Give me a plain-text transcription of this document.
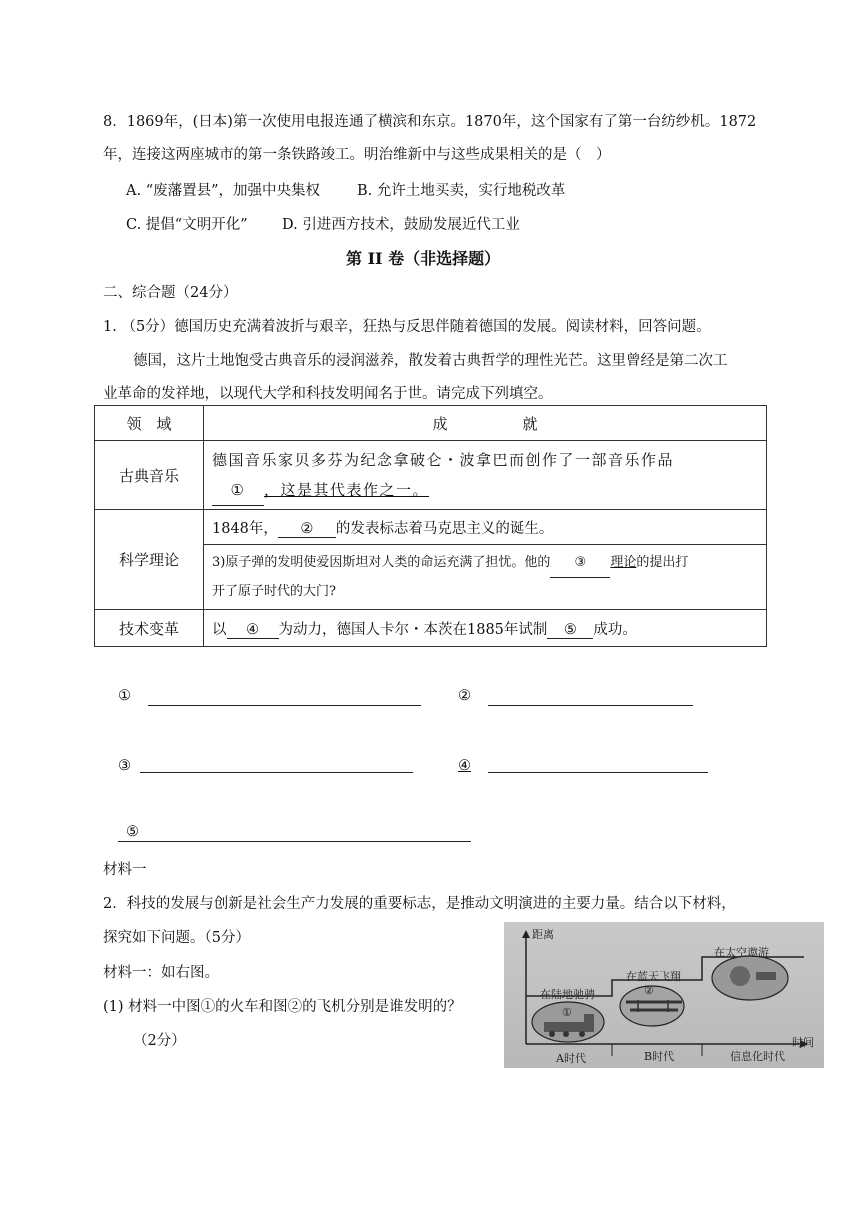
8．1869年，(日本)第一次使用电报连通了横滨和东京。1870年，这个国家有了第一台纺纱机。1872
年，连接这两座城市的第一条铁路竣工。明治维新中与这些成果相关的是（　）
A. “废藩置县”，加强中央集权	B. 允许土地买卖，实行地税改革
C. 提倡“文明开化” D. 引进西方技术，鼓励发展近代工业
第 II 卷（非选择题）
二、综合题（24分）
1. （5分）德国历史充满着波折与艰辛，狂热与反思伴随着德国的发展。阅读材料，回答问题。
德国，这片土地饱受古典音乐的浸润滋养，散发着古典哲学的理性光芒。这里曾经是第二次工
业革命的发祥地，以现代大学和科技发明闻名于世。请完成下列填空。
领　域	成　　　　　就
古典音乐	德国音乐家贝多芬为纪念拿破仑・波拿巴而创作了一部音乐作品
① ，这是其代表作之一。
科学理论	1848年， ② 的发表标志着马克思主义的诞生。
	3)原子弹的发明使爱因斯坦对人类的命运充满了担忧。他的 ③ 理论的提出打
开了原子时代的大门?
技术变革	以 ④ 为动力，德国人卡尔・本茨在1885年试制 ⑤ 成功。
①	②
③	④
⑤
材料一
2．科技的发展与创新是社会生产力发展的重要标志，是推动文明演进的主要力量。结合以下材料，
探究如下问题。（5分）
材料一：如右图。
(1) 材料一中图①的火车和图②的飞机分别是谁发明的？
（2分）
距离
时间
在陆地驰骋
在蓝天飞翔
在太空遨游
A时代	B时代	信息化时代
①
②
